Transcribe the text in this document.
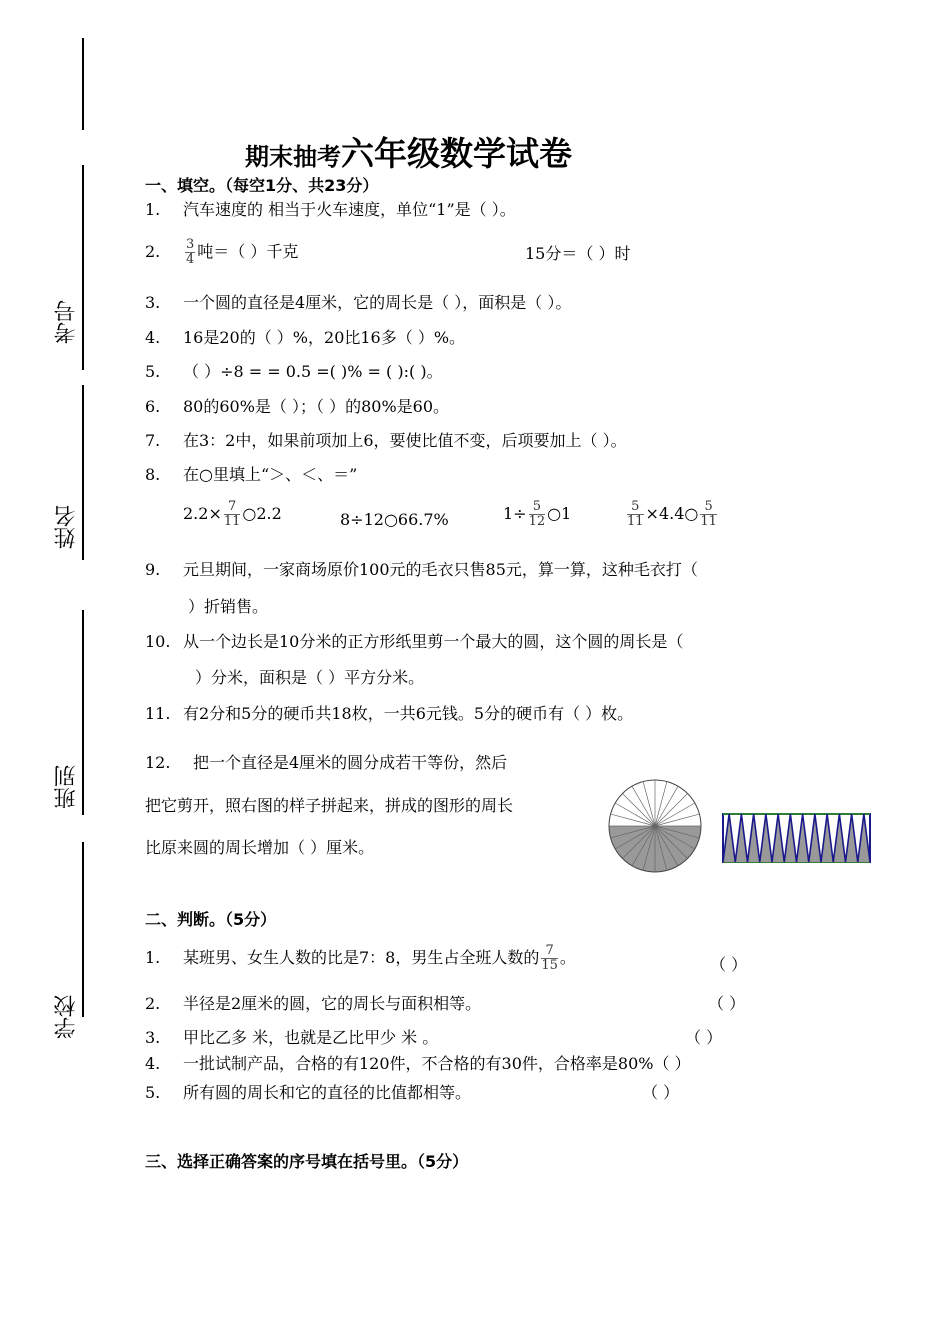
考号
姓名
班别
学校
期末抽考六年级数学试卷
一、填空。（每空1分、共23分）
1. 汽车速度的 相当于火车速度，单位“1”是（ ）。
2. $\frac{3}{4}$ 吨＝（ ）千克	15分＝（ ）时
3. 一个圆的直径是4厘米，它的周长是（ ），面积是（ ）。
4. 16是20的（ ）%，20比16多（ ）%。
5. （ ）÷8 = = 0.5 =( )% = ( ):( )。
6. 80的60%是（ ）；（ ）的80%是60。
7. 在3：2中，如果前项加上6，要使比值不变，后项要加上（ ）。
8. 在○里填上“＞、＜、＝”
$2.2\times \frac{7}{11}$ ○2.2	8÷12○66.7%	$1\div \frac{5}{12}$ ○1	$\frac{5}{11}$ ×4.4○ $\frac{5}{11}$
9. 元旦期间，一家商场原价100元的毛衣只售85元，算一算，这种毛衣打（
）折销售。
10. 从一个边长是10分米的正方形纸里剪一个最大的圆，这个圆的周长是（
）分米，面积是（ ）平方分米。
11. 有2分和5分的硬币共18枚，一共6元钱。5分的硬币有（ ）枚。
12. 把一个直径是4厘米的圆分成若干等份，然后
把它剪开，照右图的样子拼起来，拼成的图形的周长
比原来圆的周长增加（ ）厘米。
二、判断。（5分）
1. 某班男、女生人数的比是7：8，男生占全班人数的 $\frac{7}{15}$ 。	（ ）
2. 半径是2厘米的圆，它的周长与面积相等。	（ ）
3. 甲比乙多 米，也就是乙比甲少 米 。	（ ）
4. 一批试制产品，合格的有120件，不合格的有30件，合格率是80%（ ）
5. 所有圆的周长和它的直径的比值都相等。	（ ）
三、选择正确答案的序号填在括号里。（5分）
